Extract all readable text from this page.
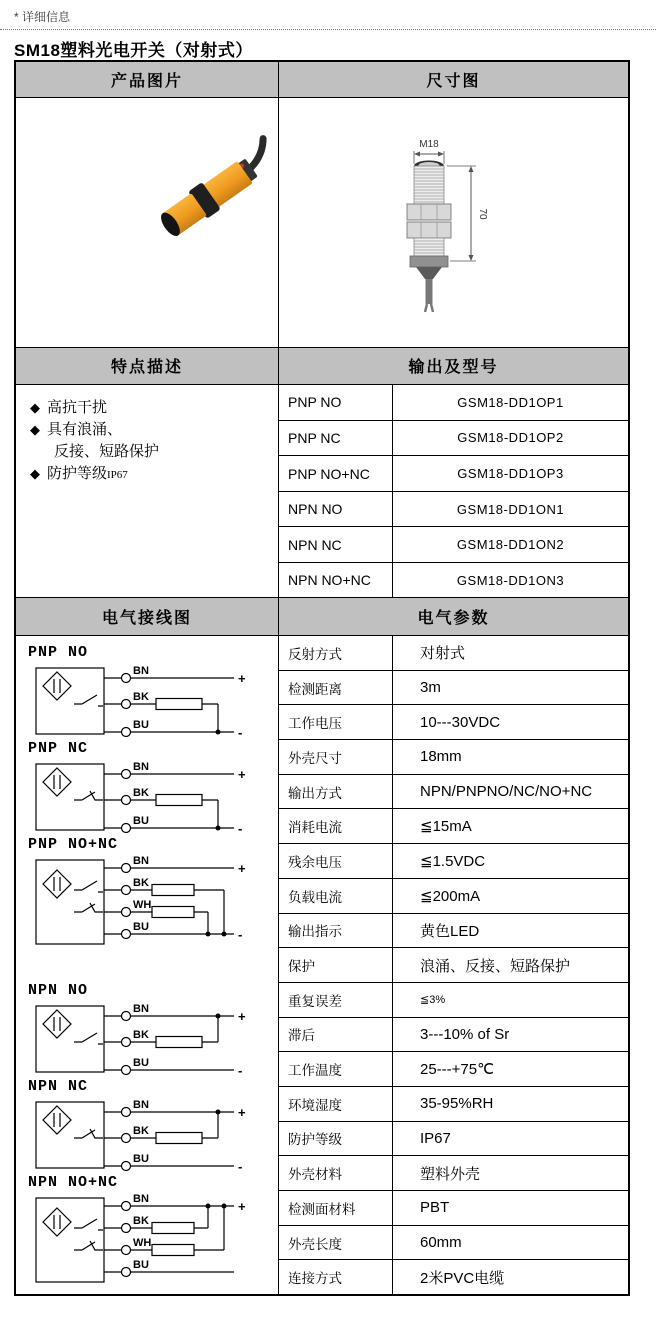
* 详细信息
SM18塑料光电开关（对射式）
产品图片	尺寸图
M18
70
特点描述	输出及型号
◆ 高抗干扰
◆ 具有浪涌、
反接、短路保护
◆ 防护等级IP67
PNP NO	GSM18-DD1OP1
PNP NC	GSM18-DD1OP2
PNP NO+NC	GSM18-DD1OP3
NPN NO	GSM18-DD1ON1
NPN NC	GSM18-DD1ON2
NPN NO+NC	GSM18-DD1ON3
电气接线图	电气参数
PNP NO
BN	+
BK
BU	-
PNP NC
BN	+
BK
BU	-
PNP NO+NC
BN	+
BK
WH
BU	-
NPN NO
BN	+
BK
BU	-
NPN NC
BN	+
BK
BU	-
NPN NO+NC
BN	+
BK
WH
BU
反射方式	对射式
检测距离	3m
工作电压	10---30VDC
外壳尺寸	18mm
输出方式	NPN/PNPNO/NC/NO+NC
消耗电流	≦15mA
残余电压	≦1.5VDC
负载电流	≦200mA
输出指示	黄色LED
保护	浪涌、反接、短路保护
重复误差	≦3%
滞后	3---10% of Sr
工作温度	25---+75℃
环境湿度	35-95%RH
防护等级	IP67
外壳材料	塑料外壳
检测面材料	PBT
外壳长度	60mm
连接方式	2米PVC电缆
